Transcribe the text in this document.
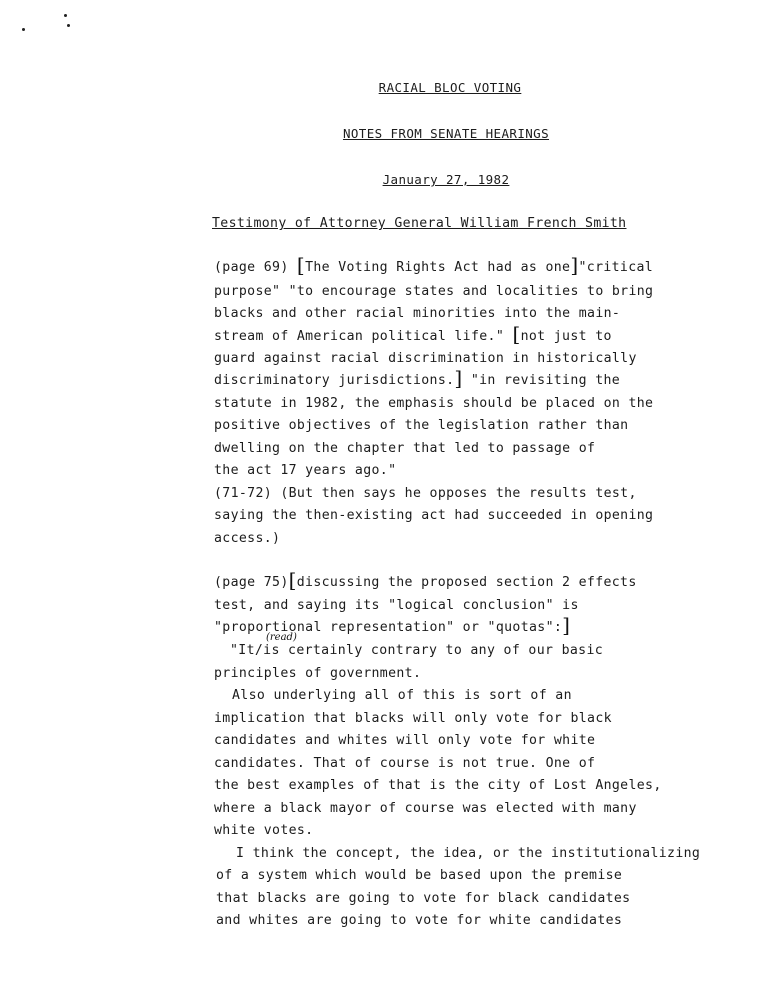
RACIAL BLOC VOTING
NOTES FROM SENATE HEARINGS
January 27, 1982
Testimony of Attorney General William French Smith
(page 69) [The Voting Rights Act had as one]"critical
purpose" "to encourage states and localities to bring
blacks and other racial minorities into the main-
stream of American political life." [not just to
guard against racial discrimination in historically
discriminatory jurisdictions.] "in revisiting the
statute in 1982, the emphasis should be placed on the
positive objectives of the legislation rather than
dwelling on the chapter that led to passage of
the act 17 years ago."
(71-72) (But then says he opposes the results test,
saying the then-existing act had succeeded in opening
access.)
(page 75)[discussing the proposed section 2 effects
test, and saying its "logical conclusion" is
"proportional representation" or "quotas":]
(read)
"It/is certainly contrary to any of our basic
principles of government.
Also underlying all of this is sort of an
implication that blacks will only vote for black
candidates and whites will only vote for white
candidates. That of course is not true. One of
the best examples of that is the city of Lost Angeles,
where a black mayor of course was elected with many
white votes.
I think the concept, the idea, or the institutionalizing
of a system which would be based upon the premise
that blacks are going to vote for black candidates
and whites are going to vote for white candidates
